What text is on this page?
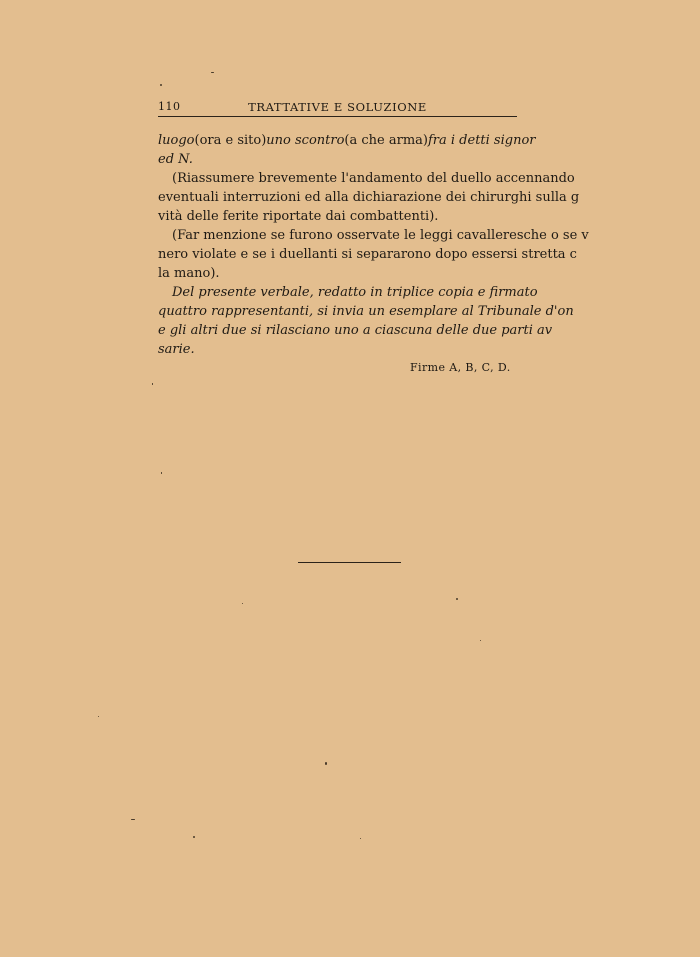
110	TRATTATIVE E SOLUZIONE
luogo (ora e sito) uno scontro (a che arma) fra i detti signor
ed N.
(Riassumere brevemente l'andamento del duello accennando
eventuali interruzioni ed alla dichiarazione dei chirurghi sulla g
vità delle ferite riportate dai combattenti).
(Far menzione se furono osservate le leggi cavalleresche o se v
nero violate e se i duellanti si separarono dopo essersi stretta c
la mano).
Del presente verbale, redatto in triplice copia e firmato
quattro rappresentanti, si invia un esemplare al Tribunale d'on
e gli altri due si rilasciano uno a ciascuna delle due parti av
sarie.
Firme A, B, C, D.
